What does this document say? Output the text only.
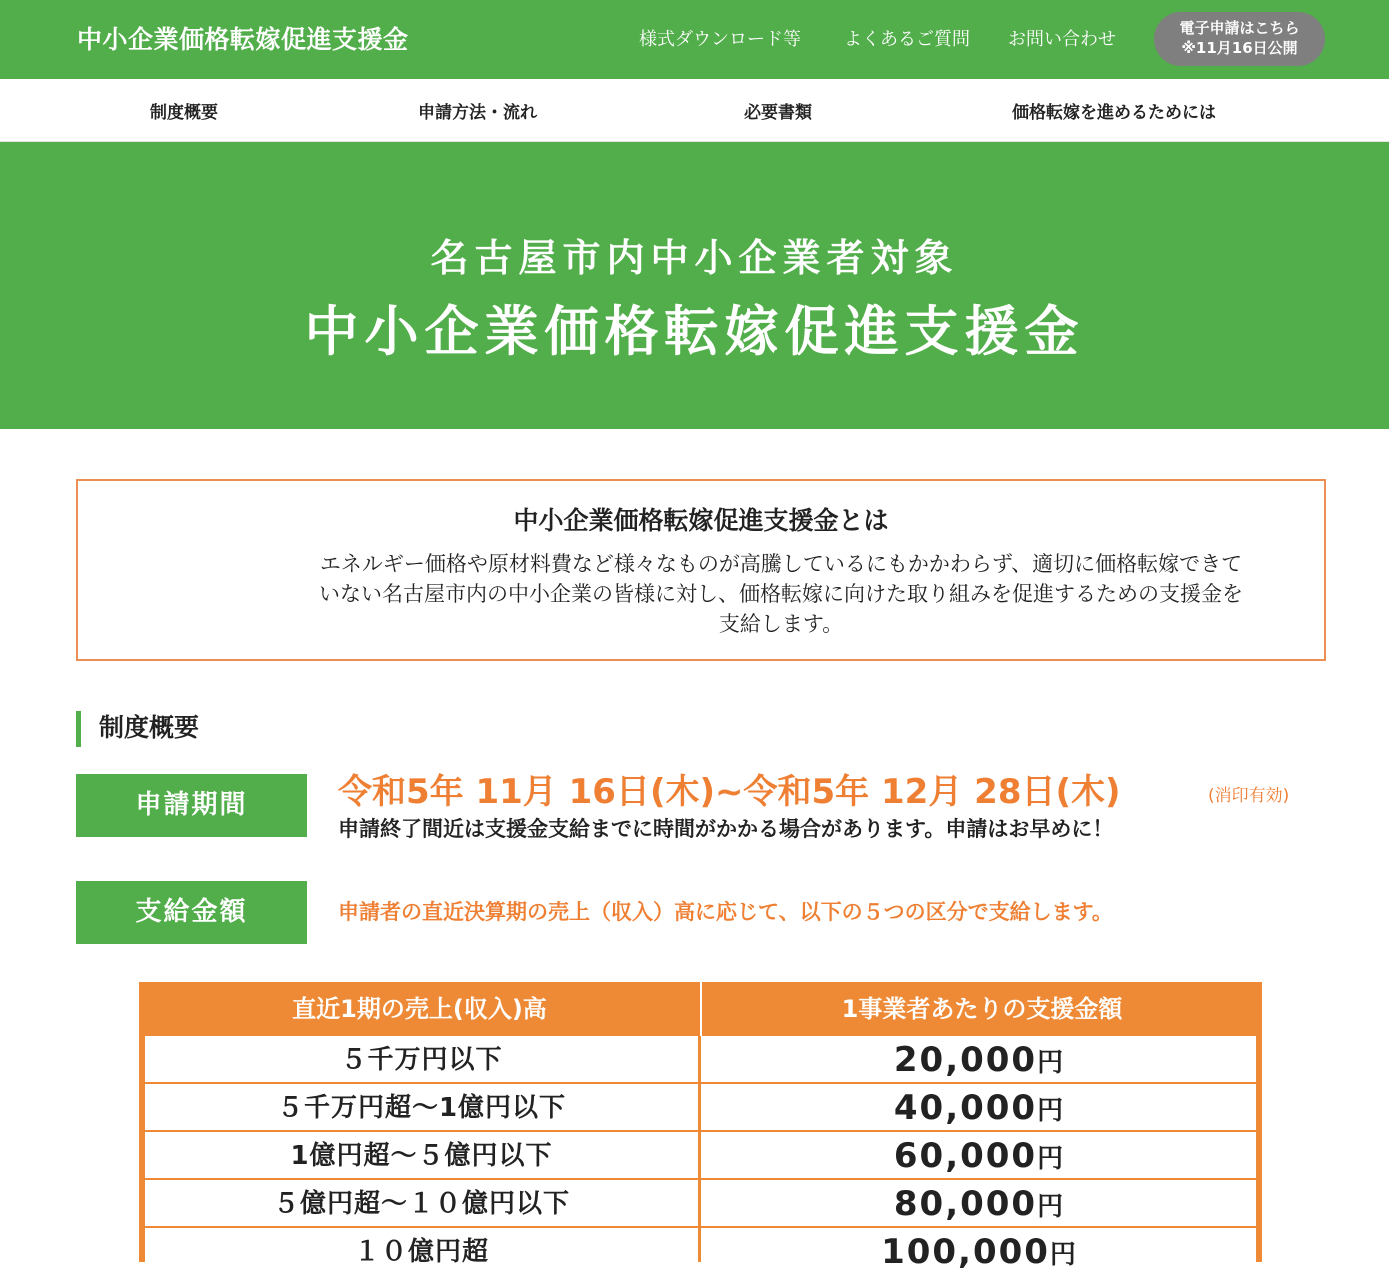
中小企業価格転嫁促進支援金	様式ダウンロード等 よくあるご質問 お問い合わせ
電子申請はこちら
※11月16日公開
制度概要	申請方法・流れ	必要書類	価格転嫁を進めるためには
名古屋市内中小企業者対象
中小企業価格転嫁促進支援金
中小企業価格転嫁促進支援金とは
エネルギー価格や原材料費など様々なものが高騰しているにもかかわらず、適切に価格転嫁できていない名古屋市内の中小企業の皆様に対し、価格転嫁に向けた取り組みを促進するための支援金を支給します。
制度概要
申請期間	令和5年 11月 16日(木)~令和5年 12月 28日(木)	(消印有効)
申請終了間近は支援金支給までに時間がかかる場合があります。申請はお早めに！
支給金額	申請者の直近決算期の売上（収入）高に応じて、以下の５つの区分で支給します。
直近1期の売上(収入)高	1事業者あたりの支援金額
５千万円以下	20,000円
５千万円超～1億円以下	40,000円
1億円超～５億円以下	60,000円
５億円超～１０億円以下	80,000円
１０億円超	100,000円
